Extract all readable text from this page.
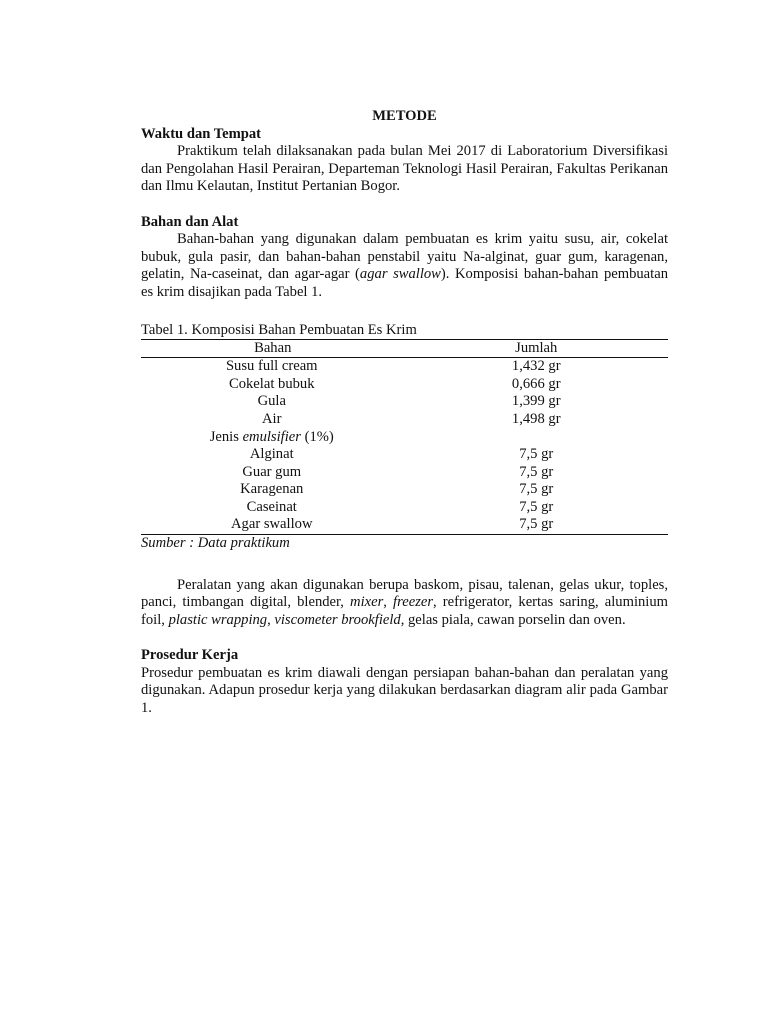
METODE

Waktu dan Tempat

Praktikum telah dilaksanakan pada bulan Mei 2017 di Laboratorium Diversifikasi dan Pengolahan Hasil Perairan, Departeman Teknologi Hasil Perairan, Fakultas Perikanan dan Ilmu Kelautan, Institut Pertanian Bogor.

Bahan dan Alat

Bahan-bahan yang digunakan dalam pembuatan es krim yaitu susu, air, cokelat bubuk, gula pasir, dan bahan-bahan penstabil yaitu Na-alginat, guar gum, karagenan, gelatin, Na-caseinat, dan agar-agar (agar swallow). Komposisi bahan-bahan pembuatan es krim disajikan pada Tabel 1.

Tabel 1. Komposisi Bahan Pembuatan Es Krim

Bahan	Jumlah
Susu full cream	1,432 gr
Cokelat bubuk	0,666 gr
Gula	1,399 gr
Air	1,498 gr
Jenis emulsifier (1%)	
Alginat	7,5 gr
Guar gum	7,5 gr
Karagenan	7,5 gr
Caseinat	7,5 gr
Agar swallow	7,5 gr

Sumber : Data praktikum

Peralatan yang akan digunakan berupa baskom, pisau, talenan, gelas ukur, toples, panci, timbangan digital, blender, mixer, freezer, refrigerator, kertas saring, aluminium foil, plastic wrapping, viscometer brookfield, gelas piala, cawan porselin dan oven.

Prosedur Kerja

Prosedur pembuatan es krim diawali dengan persiapan bahan-bahan dan peralatan yang digunakan. Adapun prosedur kerja yang dilakukan berdasarkan diagram alir pada Gambar 1.
